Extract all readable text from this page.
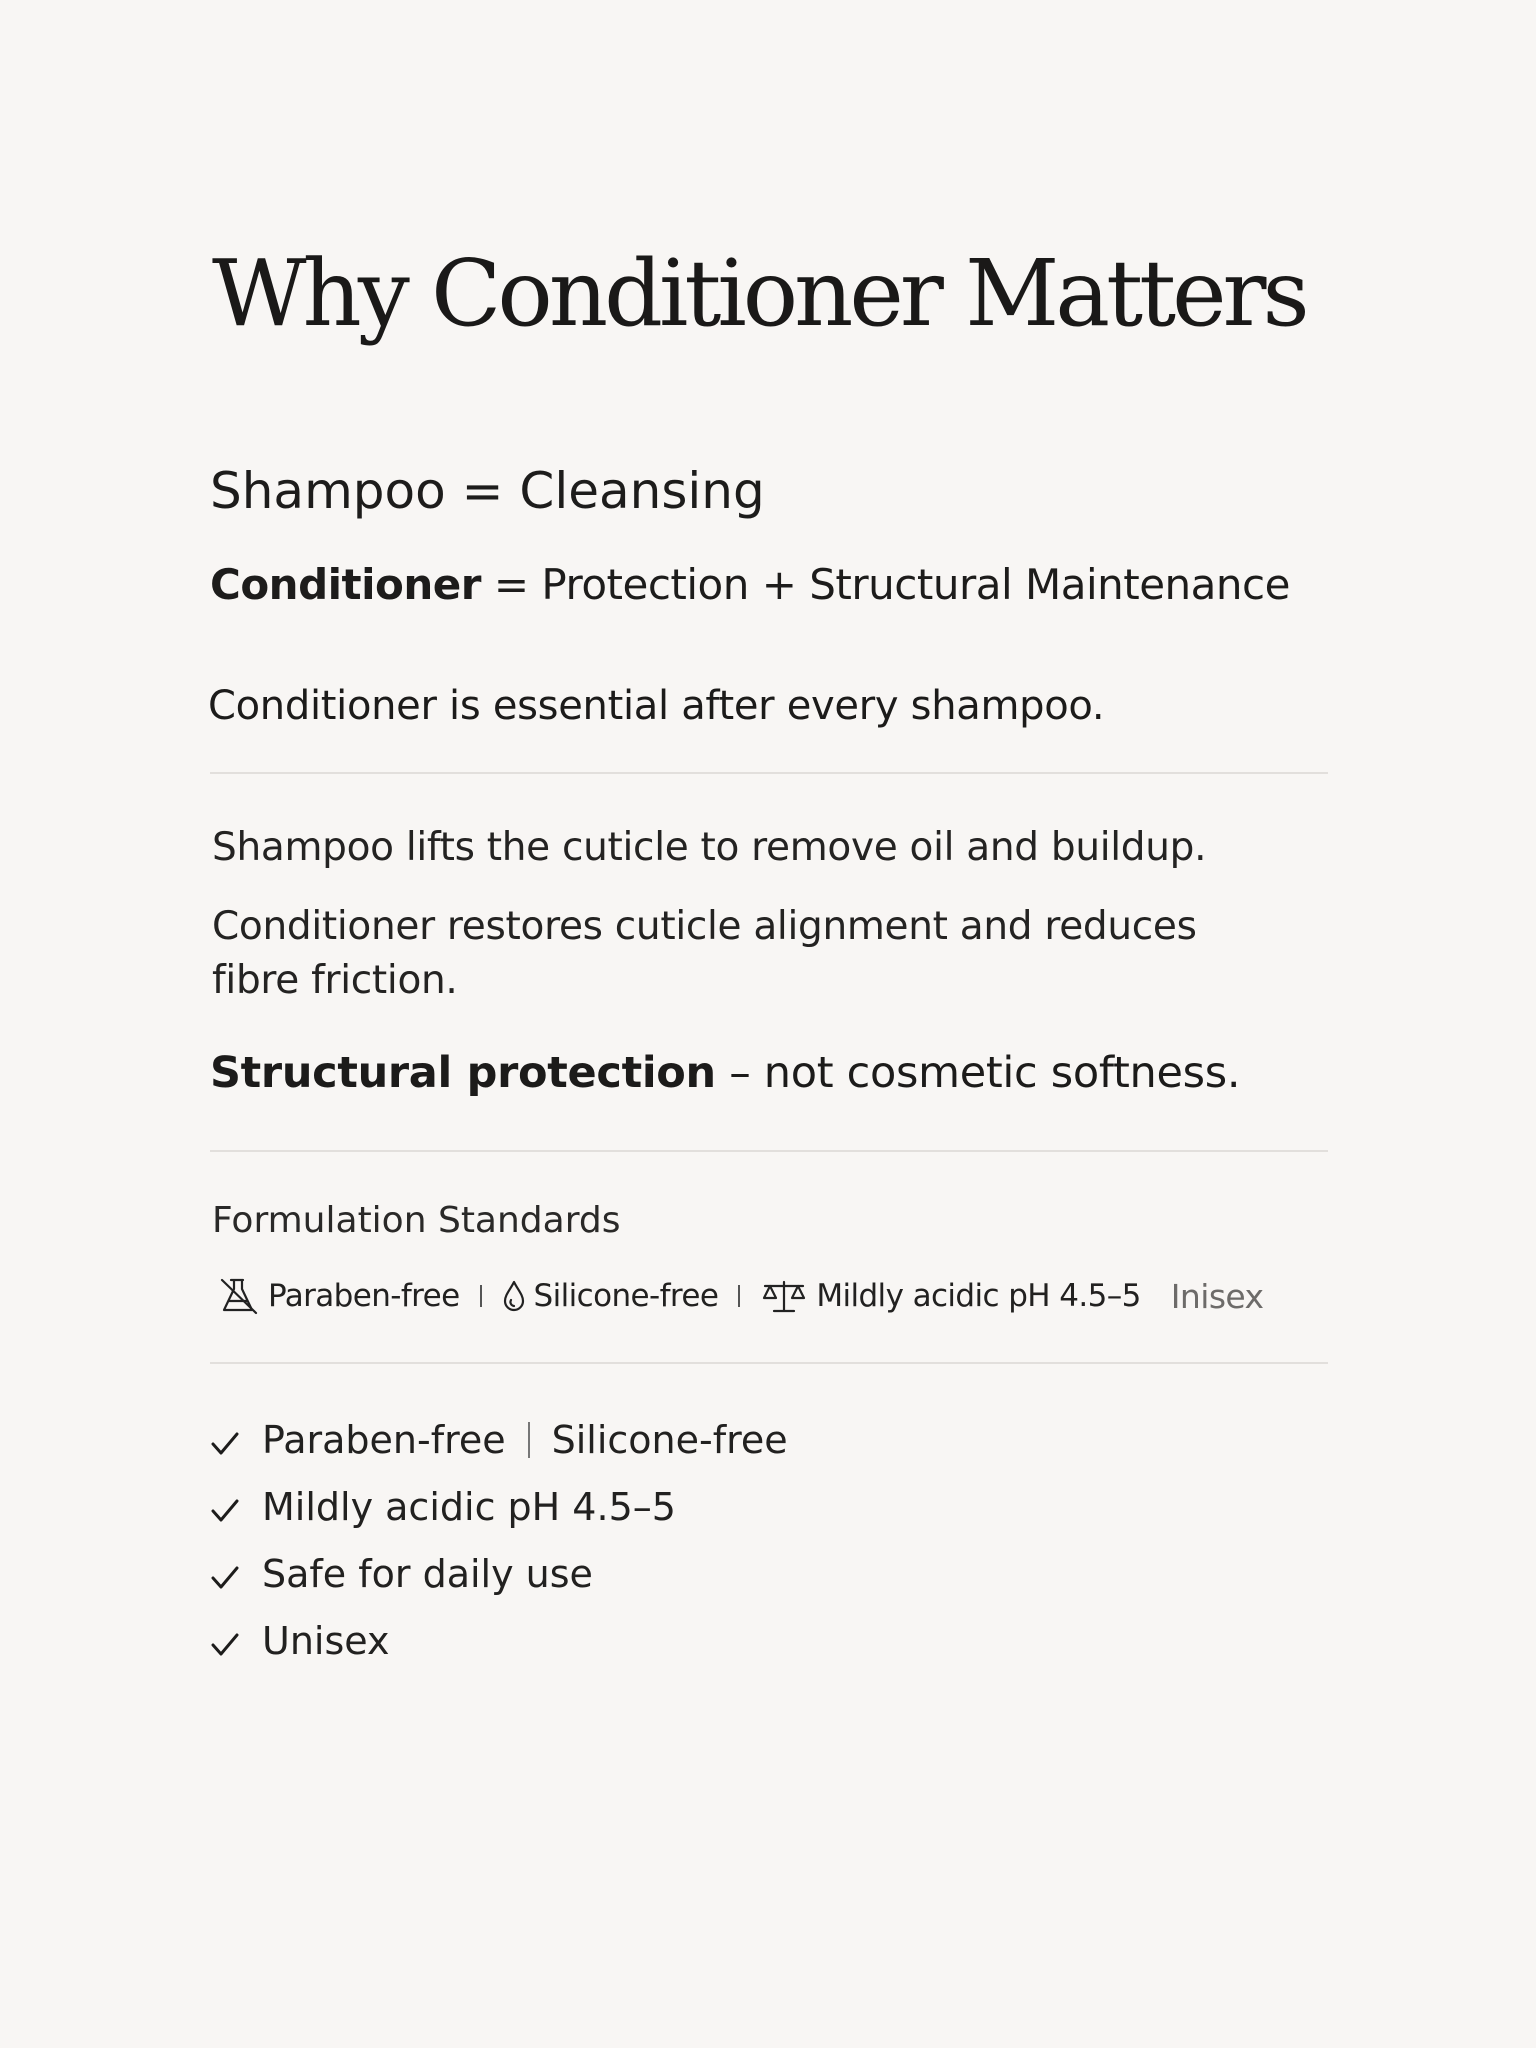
Why Conditioner Matters
Shampoo = Cleansing
Conditioner = Protection + Structural Maintenance
Conditioner is essential after every shampoo.
Shampoo lifts the cuticle to remove oil and buildup.
Conditioner restores cuticle alignment and reduces fibre friction.
Structural protection – not cosmetic softness.
Formulation Standards
Paraben-free Silicone-free	Mildly acidic pH 4.5–5 Inisex
Paraben-free Silicone-free
Mildly acidic pH 4.5–5
Safe for daily use
Unisex
